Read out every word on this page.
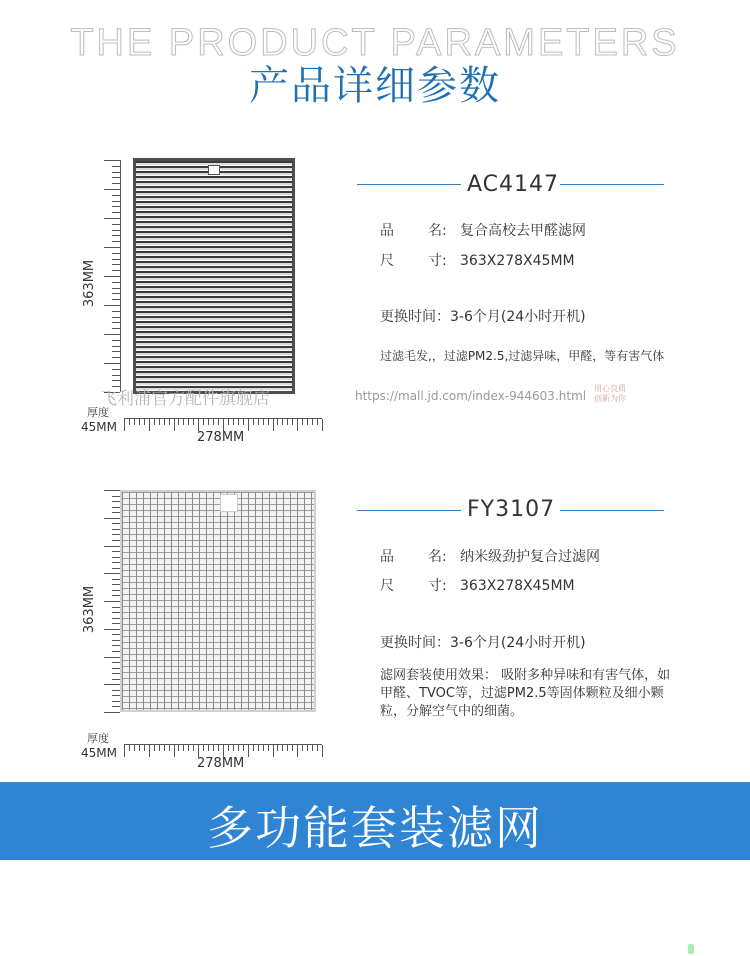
THE PRODUCT PARAMETERS
产品详细参数
363MM
厚度
45MM
278MM
AC4147
品 名: 复合高校去甲醛滤网
尺 寸: 363X278X45MM
更换时间：3-6个月(24小时开机)
过滤毛发,，过滤PM2.5,过滤异味，甲醛，等有害气体
飞利浦官方配件旗舰店	https://mall.jd.com/index-944603.html
用心良质
创新为你
363MM
厚度
45MM
278MM
FY3107
品 名: 纳米级劲护复合过滤网
尺 寸: 363X278X45MM
更换时间：3-6个月(24小时开机)
滤网套装使用效果： 吸附多种异味和有害气体，如甲醛、TVOC等，过滤PM2.5等固体颗粒及细小颗粒，分解空气中的细菌。
多功能套装滤网
